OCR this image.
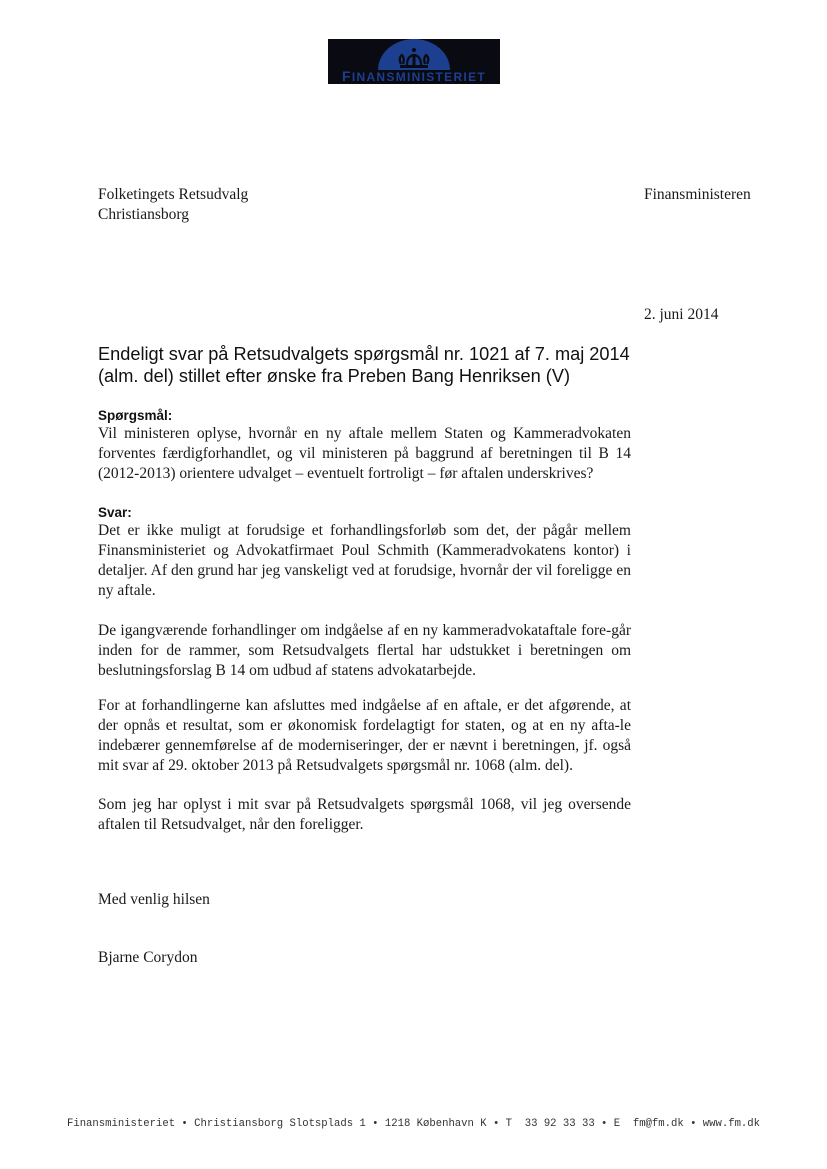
FINANSMINISTERIET
Folketingets Retsudvalg
Christiansborg
Finansministeren
2. juni 2014
Endeligt svar på Retsudvalgets spørgsmål nr. 1021 af 7. maj 2014
(alm. del) stillet efter ønske fra Preben Bang Henriksen (V)
Spørgsmål:

Vil ministeren oplyse, hvornår en ny aftale mellem Staten og Kammeradvokaten forventes færdigforhandlet, og vil ministeren på baggrund af beretningen til B 14 (2012-2013) orientere udvalget – eventuelt fortroligt – før aftalen underskrives?

Svar:

Det er ikke muligt at forudsige et forhandlingsforløb som det, der pågår mellem Finansministeriet og Advokatfirmaet Poul Schmith (Kammeradvokatens kontor) i detaljer. Af den grund har jeg vanskeligt ved at forudsige, hvornår der vil foreligge en ny aftale.

De igangværende forhandlinger om indgåelse af en ny kammeradvokataftale fore-går inden for de rammer, som Retsudvalgets flertal har udstukket i beretningen om beslutningsforslag B 14 om udbud af statens advokatarbejde.

For at forhandlingerne kan afsluttes med indgåelse af en aftale, er det afgørende, at der opnås et resultat, som er økonomisk fordelagtigt for staten, og at en ny afta-le indebærer gennemførelse af de moderniseringer, der er nævnt i beretningen, jf. også mit svar af 29. oktober 2013 på Retsudvalgets spørgsmål nr. 1068 (alm. del).

Som jeg har oplyst i mit svar på Retsudvalgets spørgsmål 1068, vil jeg oversende aftalen til Retsudvalget, når den foreligger.

Med venlig hilsen
Bjarne Corydon
Finansministeriet • Christiansborg Slotsplads 1 • 1218 København K • T 33 92 33 33 • E fm@fm.dk • www.fm.dk
